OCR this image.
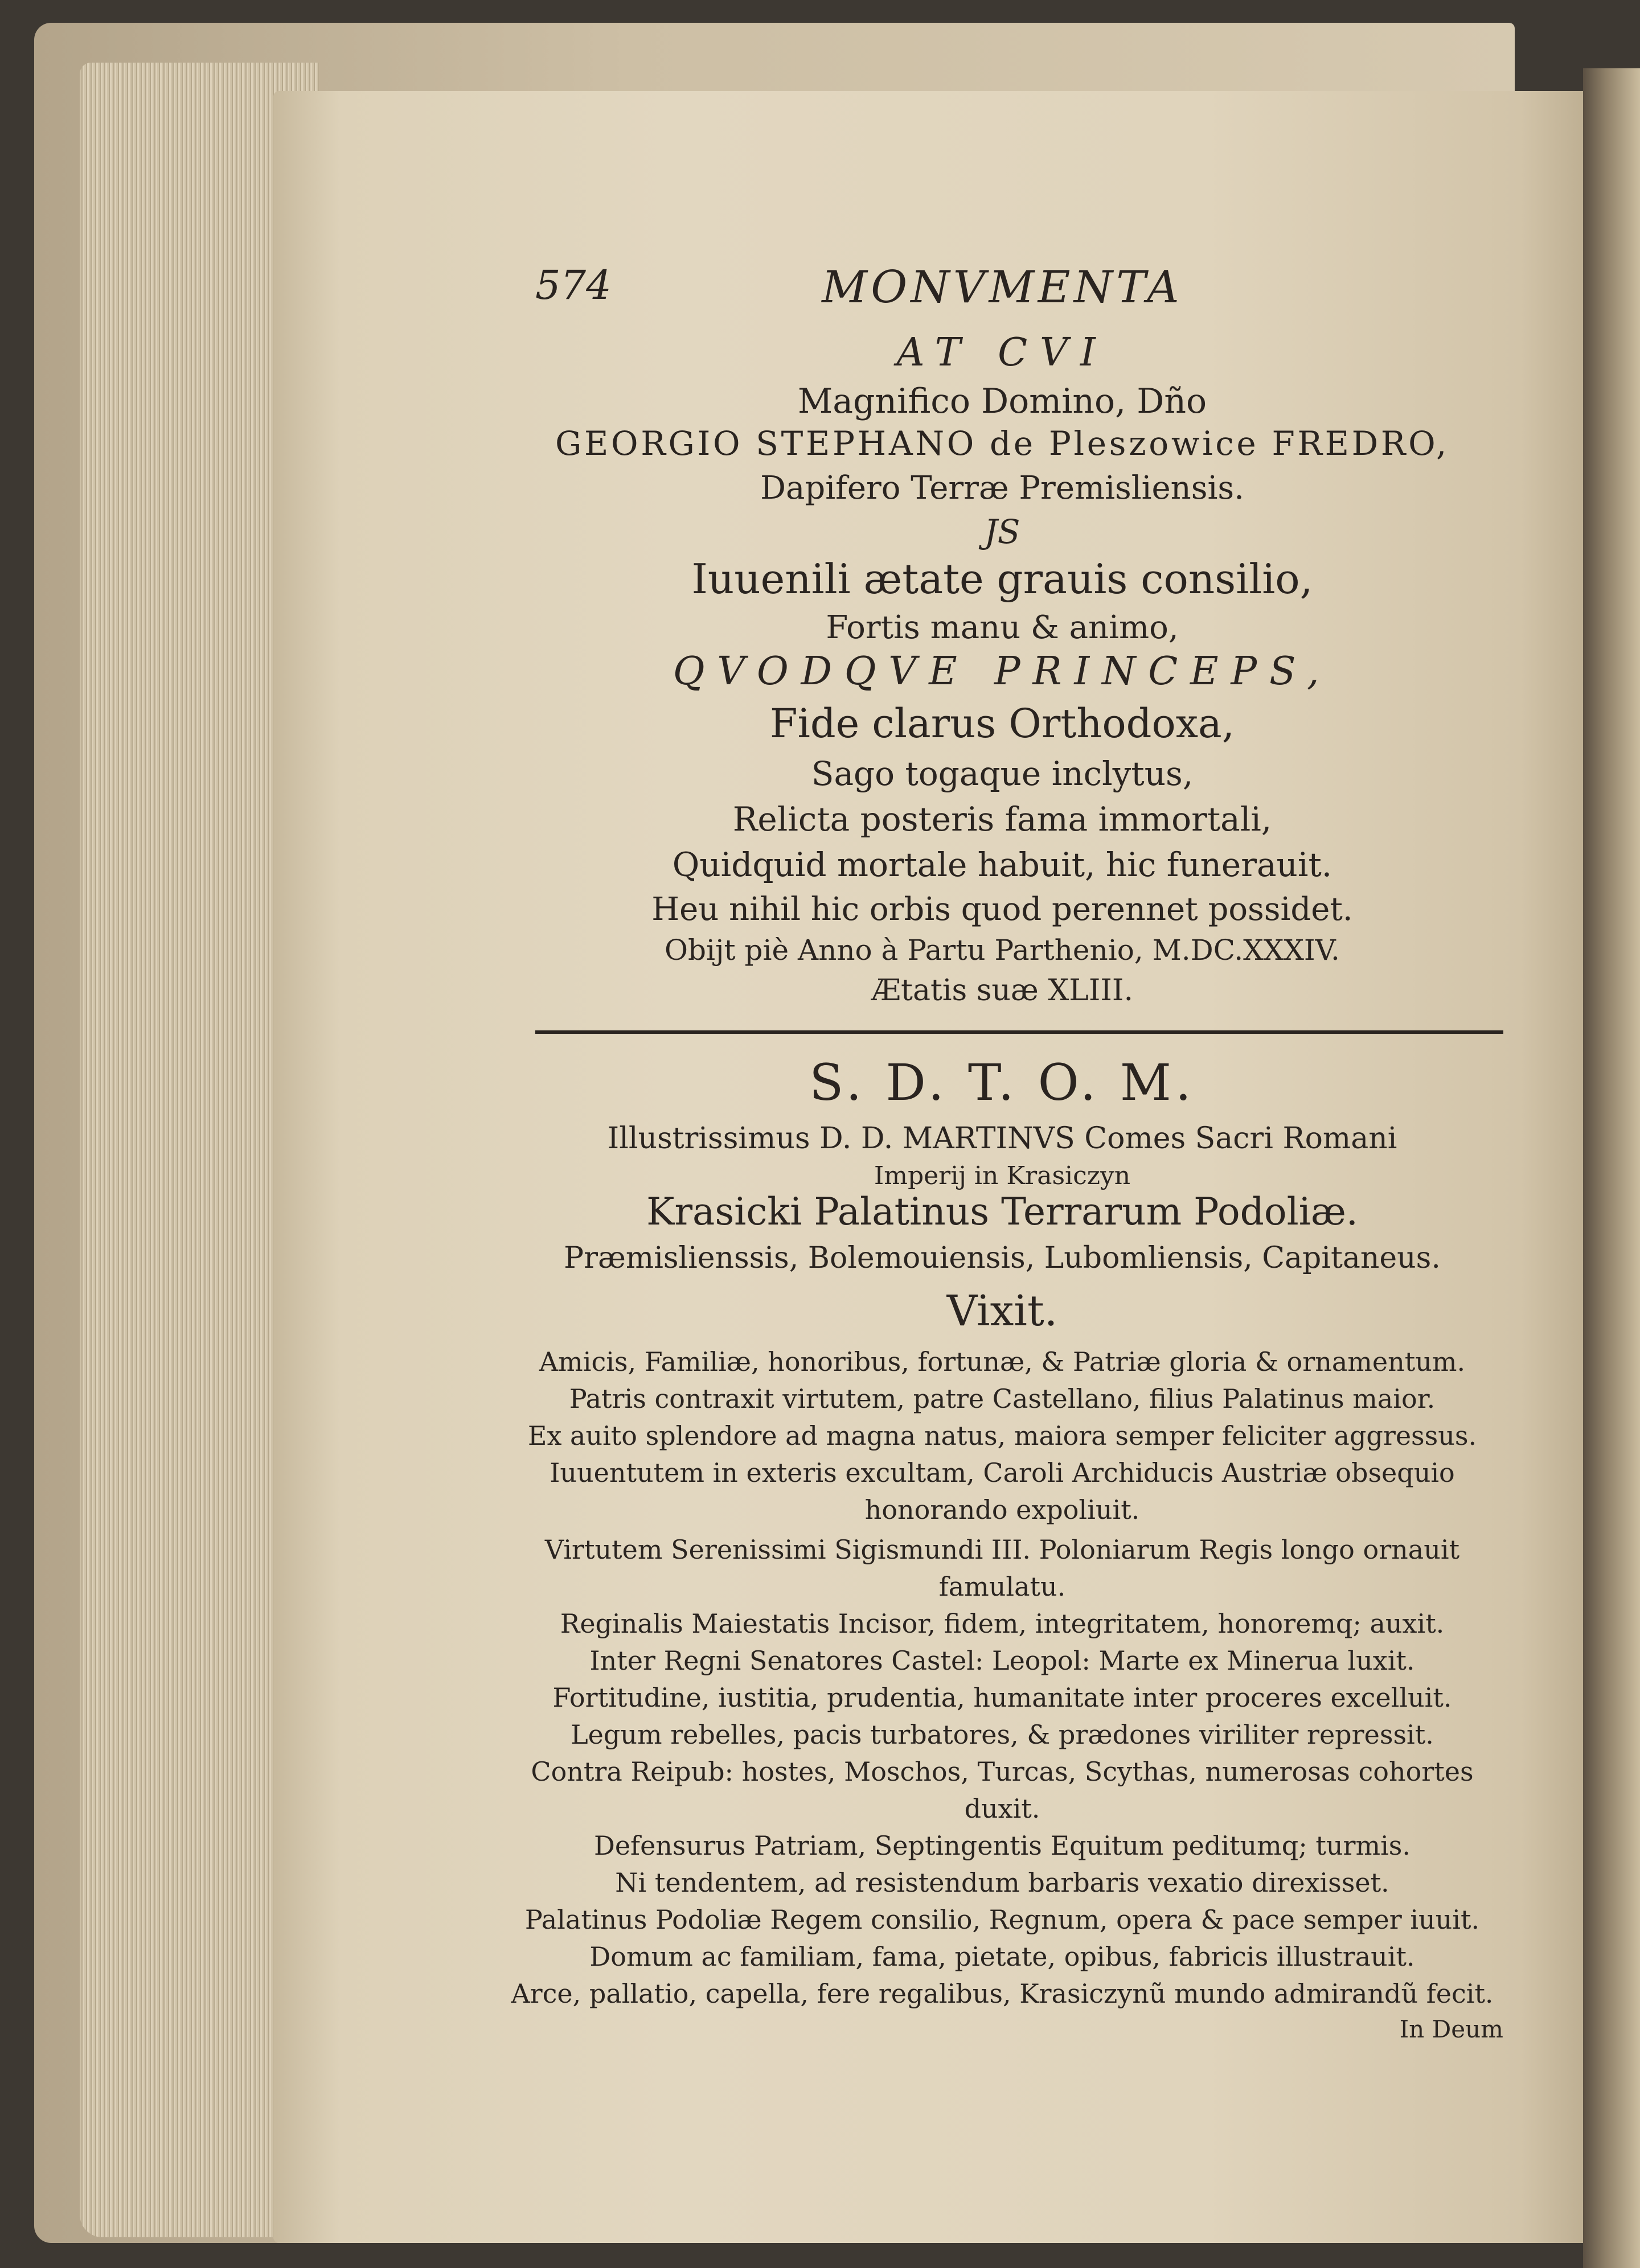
574	MONVMENTA
AT CVI
Magnifico Domino, Dño
GEORGIO STEPHANO de Pleszowice FREDRO,
Dapifero Terræ Premisliensis.
JS
Iuuenili ætate grauis consilio,
Fortis manu & animo,
QVODQVE PRINCEPS,
Fide clarus Orthodoxa,
Sago togaque inclytus,
Relicta posteris fama immortali,
Quidquid mortale habuit, hic funerauit.
Heu nihil hic orbis quod perennet possidet.
Obijt piè Anno à Partu Parthenio, M.DC.XXXIV.
Ætatis suæ XLIII.
S. D. T. O. M.
Illustrissimus D. D. MARTINVS Comes Sacri Romani
Imperij in Krasiczyn
Krasicki Palatinus Terrarum Podoliæ.
Præmislienssis, Bolemouiensis, Lubomliensis, Capitaneus.
Vixit.
Amicis, Familiæ, honoribus, fortunæ, & Patriæ gloria & ornamentum.
Patris contraxit virtutem, patre Castellano, filius Palatinus maior.
Ex auito splendore ad magna natus, maiora semper feliciter aggressus.
Iuuentutem in exteris excultam, Caroli Archiducis Austriæ obsequio
honorando expoliuit.
Virtutem Serenissimi Sigismundi III. Poloniarum Regis longo ornauit
famulatu.
Reginalis Maiestatis Incisor, fidem, integritatem, honoremq; auxit.
Inter Regni Senatores Castel: Leopol: Marte ex Minerua luxit.
Fortitudine, iustitia, prudentia, humanitate inter proceres excelluit.
Legum rebelles, pacis turbatores, & prædones viriliter repressit.
Contra Reipub: hostes, Moschos, Turcas, Scythas, numerosas cohortes
duxit.
Defensurus Patriam, Septingentis Equitum peditumq; turmis.
Ni tendentem, ad resistendum barbaris vexatio direxisset.
Palatinus Podoliæ Regem consilio, Regnum, opera & pace semper iuuit.
Domum ac familiam, fama, pietate, opibus, fabricis illustrauit.
Arce, pallatio, capella, fere regalibus, Krasiczynũ mundo admirandũ fecit.
In Deum
